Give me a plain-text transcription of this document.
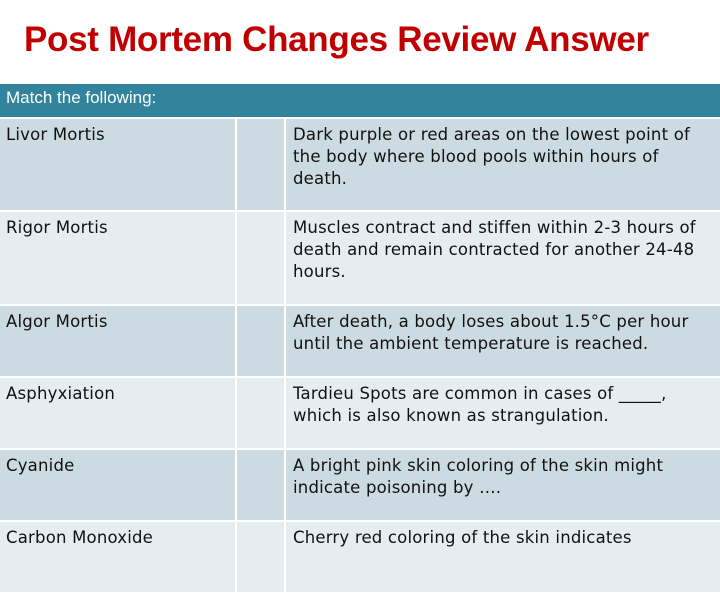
Post Mortem Changes Review Answer
Match the following:
Livor Mortis	Dark purple or red areas on the lowest point of the body where blood pools within hours of death.
Rigor Mortis	Muscles contract and stiffen within 2-3 hours of death and remain contracted for another 24-48 hours.
Algor Mortis	After death, a body loses about 1.5°C per hour until the ambient temperature is reached.
Asphyxiation	Tardieu Spots are common in cases of _____, which is also known as strangulation.
Cyanide	A bright pink skin coloring of the skin might indicate poisoning by ….
Carbon Monoxide	Cherry red coloring of the skin indicates
